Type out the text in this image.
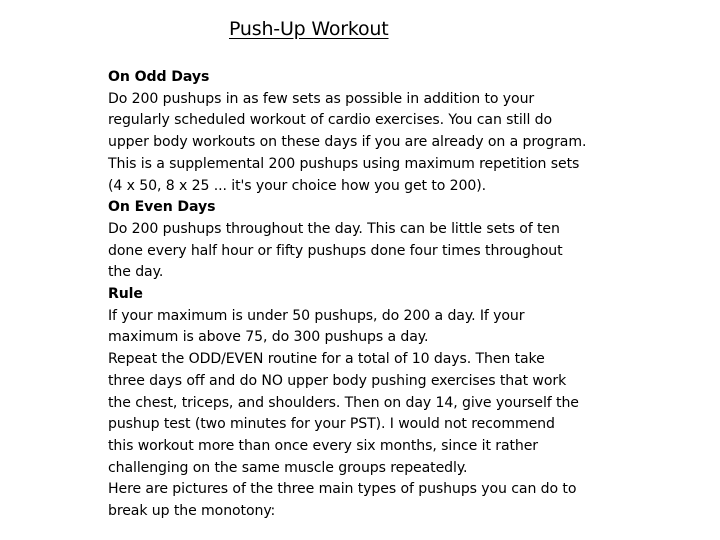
Push-Up Workout
On Odd Days
Do 200 pushups in as few sets as possible in addition to your
regularly scheduled workout of cardio exercises. You can still do
upper body workouts on these days if you are already on a program.
This is a supplemental 200 pushups using maximum repetition sets
(4 x 50, 8 x 25 ... it's your choice how you get to 200).
On Even Days
Do 200 pushups throughout the day. This can be little sets of ten
done every half hour or fifty pushups done four times throughout
the day.
Rule
If your maximum is under 50 pushups, do 200 a day. If your
maximum is above 75, do 300 pushups a day.
Repeat the ODD/EVEN routine for a total of 10 days. Then take
three days off and do NO upper body pushing exercises that work
the chest, triceps, and shoulders. Then on day 14, give yourself the
pushup test (two minutes for your PST). I would not recommend
this workout more than once every six months, since it rather
challenging on the same muscle groups repeatedly.
Here are pictures of the three main types of pushups you can do to
break up the monotony:
